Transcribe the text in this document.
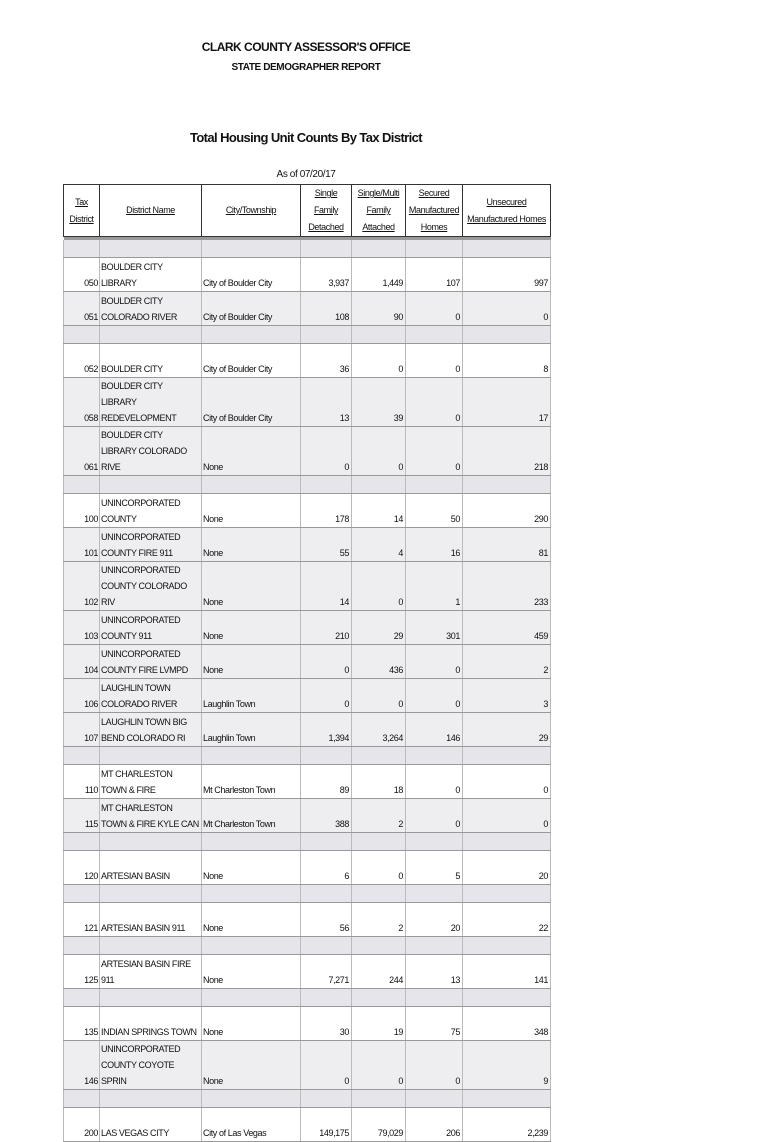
CLARK COUNTY ASSESSOR'S OFFICE
STATE DEMOGRAPHER REPORT
Total Housing Unit Counts By Tax District
As of 07/20/17
Tax District	District Name	City/Township	Single Family Detached	Single/Multi Family Attached	Secured Manufactured Homes	Unsecured Manufactured Homes

050	BOULDER CITY LIBRARY	City of Boulder City	3,937	1,449	107	997
051	BOULDER CITY COLORADO RIVER	City of Boulder City	108	90	0	0

052	BOULDER CITY	City of Boulder City	36	0	0	8
058	BOULDER CITY LIBRARY REDEVELOPMENT	City of Boulder City	13	39	0	17
061	BOULDER CITY LIBRARY COLORADO RIVE	None	0	0	0	218

100	UNINCORPORATED COUNTY	None	178	14	50	290
101	UNINCORPORATED COUNTY FIRE 911	None	55	4	16	81
102	UNINCORPORATED COUNTY COLORADO RIV	None	14	0	1	233
103	UNINCORPORATED COUNTY 911	None	210	29	301	459
104	UNINCORPORATED COUNTY FIRE LVMPD	None	0	436	0	2
106	LAUGHLIN TOWN COLORADO RIVER	Laughlin Town	0	0	0	3
107	LAUGHLIN TOWN BIG BEND COLORADO RI	Laughlin Town	1,394	3,264	146	29

110	MT CHARLESTON TOWN & FIRE	Mt Charleston Town	89	18	0	0
115	MT CHARLESTON TOWN & FIRE KYLE CAN	Mt Charleston Town	388	2	0	0

120	ARTESIAN BASIN	None	6	0	5	20

121	ARTESIAN BASIN 911	None	56	2	20	22

125	ARTESIAN BASIN FIRE 911	None	7,271	244	13	141

135	INDIAN SPRINGS TOWN	None	30	19	75	348
146	UNINCORPORATED COUNTY COYOTE SPRIN	None	0	0	0	9

200	LAS VEGAS CITY	City of Las Vegas	149,175	79,029	206	2,239
